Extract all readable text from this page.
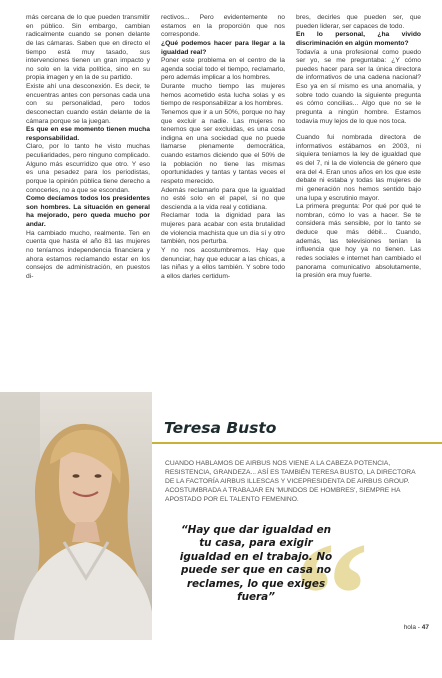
más cercana de lo que pueden transmitir en público. Sin embargo, cambian radicalmente cuando se ponen delante de las cámaras. Saben que en directo el tiempo está muy tasado, sus intervenciones tienen un gran impacto y no solo en la vida política, sino en su propia imagen y en la de su partido.

Existe ahí una desconexión. Es decir, te encuentras antes con personas cada una con su personalidad, pero todos desconectan cuando están delante de la cámara porque se la juegan.

Es que en ese momento tienen mucha responsabilidad.

Claro, por lo tanto he visto muchas peculiaridades, pero ninguno complicado. Alguno más escurridizo que otro. Y eso es una pesadez para los periodistas, porque la opinión pública tiene derecho a conocerles, no a que se escondan.

Como decíamos todos los presidentes son hombres. La situación en general ha mejorado, pero queda mucho por andar.

Ha cambiado mucho, realmente. Ten en cuenta que hasta el año 81 las mujeres no teníamos independencia financiera y ahora estamos reclamando estar en los consejos de administración, en puestos di-

rectivos... Pero evidentemente no estamos en la proporción que nos corresponde.

¿Qué podemos hacer para llegar a la igualdad real?

Poner este problema en el centro de la agenda social todo el tiempo, reclamarlo, pero además implicar a los hombres.

Durante mucho tiempo las mujeres hemos acometido esta lucha solas y es tiempo de responsabilizar a los hombres.

Tenemos que ir a un 50%, porque no hay que excluir a nadie. Las mujeres no tenemos que ser excluidas, es una cosa indigna en una sociedad que no puede llamarse plenamente democrática, cuando estamos diciendo que el 50% de la población no tiene las mismas oportunidades y tantas y tantas veces el respeto merecido.

Además reclamarlo para que la igualdad no esté solo en el papel, si no que descienda a la vida real y cotidiana.

Reclamar toda la dignidad para las mujeres para acabar con esta brutalidad de violencia machista que un día sí y otro también, nos perturba.

Y no nos acostumbremos. Hay que denunciar, hay que educar a las chicas, a las niñas y a ellos también. Y sobre todo a ellos darles certidum-

bres, decirles que pueden ser, que pueden liderar, ser capaces de todo.

En lo personal, ¿ha vivido discriminación en algún momento?

Todavía a una profesional como puedo ser yo, se me preguntaba: ¿Y cómo puedes hacer para ser la única directora de informativos de una cadena nacional? Eso ya en sí mismo es una anomalía, y sobre todo cuando la siguiente pregunta es cómo concilias... Algo que no se le pregunta a ningún hombre. Estamos todavía muy lejos de lo que nos toca.

Cuando fui nombrada directora de informativos estábamos en 2003, ni siquiera teníamos la ley de igualdad que es del 7, ni la de violencia de género que era del 4. Eran unos años en los que este debate ni estaba y todas las mujeres de mi generación nos hemos sentido bajo una lupa y escrutinio mayor.

La primera pregunta: Por qué por qué te nombran, cómo lo vas a hacer. Se te considera más sensible, por lo tanto se deduce que más débil... Cuando, además, las televisiones tenían la influencia que hoy ya no tienen. Las redes sociales e internet han cambiado el panorama comunicativo absolutamente, la presión era muy fuerte.

Teresa Busto
CUANDO HABLAMOS DE AIRBUS NOS VIENE A LA CABEZA POTENCIA, RESISTENCIA, GRANDEZA... ASÍ ES TAMBIÉN TERESA BUSTO, LA DIRECTORA DE LA FACTORÍA AIRBUS ILLESCAS Y VICEPRESIDENTA DE AIRBUS GROUP. ACOSTUMBRADA A TRABAJAR EN 'MUNDOS DE HOMBRES', SIEMPRE HA APOSTADO POR EL TALENTO FEMENINO.
“
“Hay que dar igualdad en tu casa, para exigir igualdad en el trabajo. No puede ser que en casa no reclames, lo que exiges fuera”
hola - 47
